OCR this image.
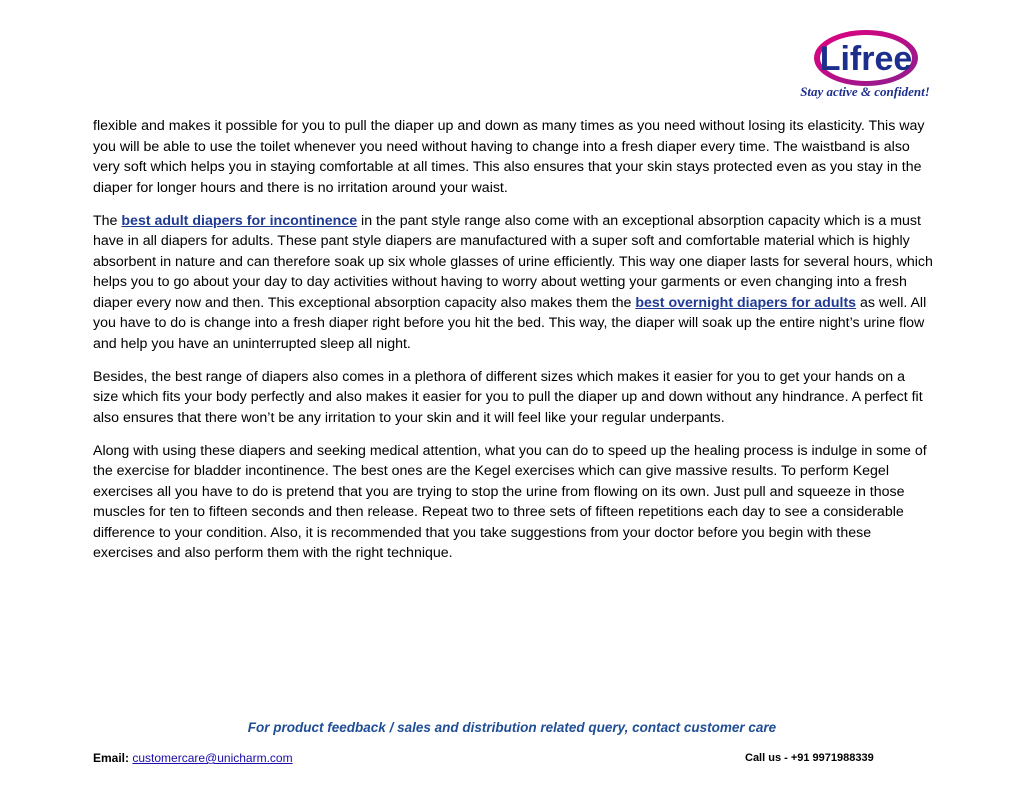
Lifree
Stay active & confident!

flexible and makes it possible for you to pull the diaper up and down as many times as you need without losing its elasticity. This way you will be able to use the toilet whenever you need without having to change into a fresh diaper every time. The waistband is also very soft which helps you in staying comfortable at all times. This also ensures that your skin stays protected even as you stay in the diaper for longer hours and there is no irritation around your waist.

The best adult diapers for incontinence in the pant style range also come with an exceptional absorption capacity which is a must have in all diapers for adults. These pant style diapers are manufactured with a super soft and comfortable material which is highly absorbent in nature and can therefore soak up six whole glasses of urine efficiently. This way one diaper lasts for several hours, which helps you to go about your day to day activities without having to worry about wetting your garments or even changing into a fresh diaper every now and then. This exceptional absorption capacity also makes them the best overnight diapers for adults as well. All you have to do is change into a fresh diaper right before you hit the bed. This way, the diaper will soak up the entire night’s urine flow and help you have an uninterrupted sleep all night.

Besides, the best range of diapers also comes in a plethora of different sizes which makes it easier for you to get your hands on a size which fits your body perfectly and also makes it easier for you to pull the diaper up and down without any hindrance. A perfect fit also ensures that there won’t be any irritation to your skin and it will feel like your regular underpants.

Along with using these diapers and seeking medical attention, what you can do to speed up the healing process is indulge in some of the exercise for bladder incontinence. The best ones are the Kegel exercises which can give massive results. To perform Kegel exercises all you have to do is pretend that you are trying to stop the urine from flowing on its own. Just pull and squeeze in those muscles for ten to fifteen seconds and then release. Repeat two to three sets of fifteen repetitions each day to see a considerable difference to your condition. Also, it is recommended that you take suggestions from your doctor before you begin with these exercises and also perform them with the right technique.

For product feedback / sales and distribution related query, contact customer care
Email: customercare@unicharm.com	Call us - +91 9971988339
